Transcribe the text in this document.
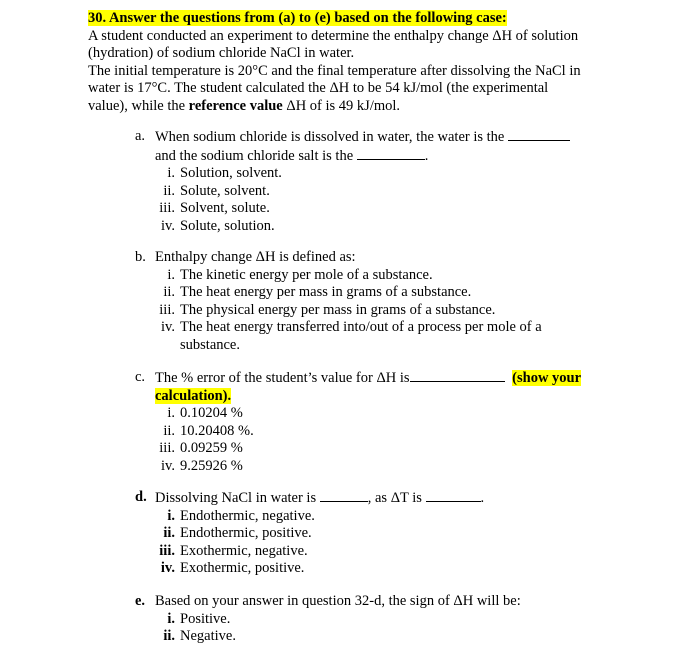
30. Answer the questions from (a) to (e) based on the following case:
A student conducted an experiment to determine the enthalpy change ΔH of solution
(hydration) of sodium chloride NaCl in water.
The initial temperature is 20°C and the final temperature after dissolving the NaCl in
water is 17°C. The student calculated the ΔH to be 54 kJ/mol (the experimental
value), while the reference value ΔH of is 49 kJ/mol.
a. When sodium chloride is dissolved in water, the water is the
and the sodium chloride salt is the	.
i. Solution, solvent.
ii. Solute, solvent.
iii. Solvent, solute.
iv. Solute, solution.
b. Enthalpy change ΔH is defined as:
i. The kinetic energy per mole of a substance.
ii. The heat energy per mass in grams of a substance.
iii. The physical energy per mass in grams of a substance.
iv. The heat energy transferred into/out of a process per mole of a
substance.
c. The % error of the student’s value for ΔH is	(show your
calculation).
i. 0.10204 %
ii. 10.20408 %.
iii. 0.09259 %
iv. 9.25926 %
d. Dissolving NaCl in water is	, as ΔT is	.
i. Endothermic, negative.
ii. Endothermic, positive.
iii. Exothermic, negative.
iv. Exothermic, positive.
e. Based on your answer in question 32-d, the sign of ΔH will be:
i. Positive.
ii. Negative.
